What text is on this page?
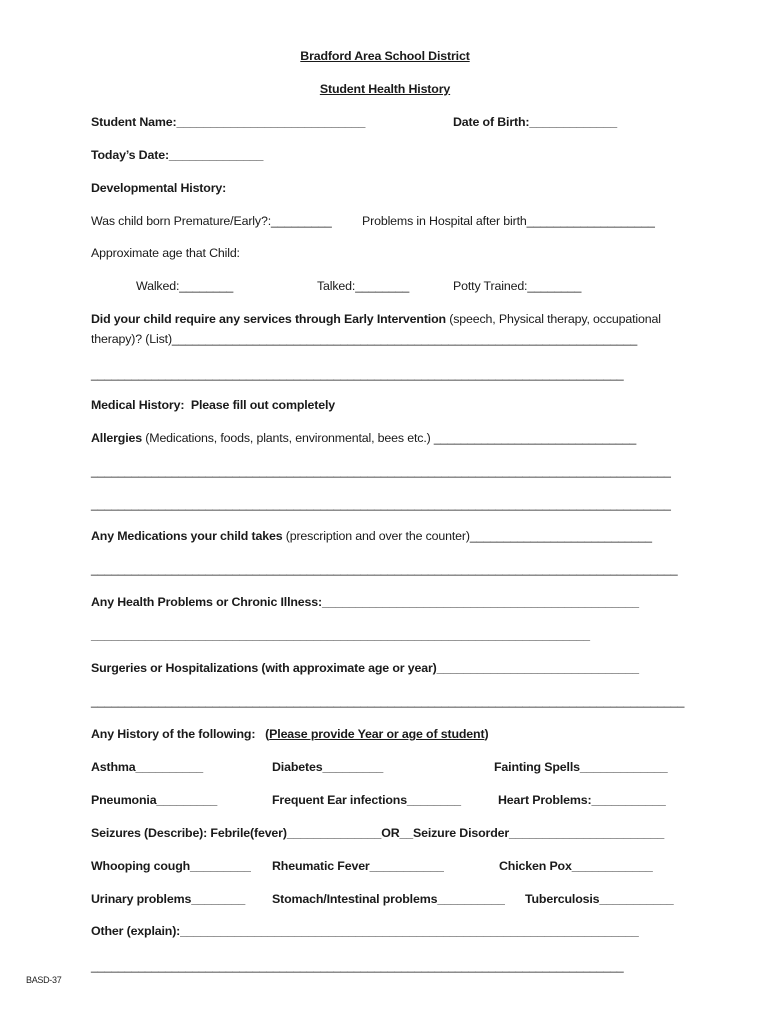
Bradford Area School District
Student Health History
Student Name:____________________________	Date of Birth:_____________
Today’s Date:______________
Developmental History:
Was child born Premature/Early?:_________ Problems in Hospital after birth___________________
Approximate age that Child:
Walked:________	Talked:________	Potty Trained:________
Did your child require any services through Early Intervention (speech, Physical therapy, occupational
therapy)? (List)_____________________________________________________________________
_______________________________________________________________________________
Medical History:  Please fill out completely
Allergies (Medications, foods, plants, environmental, bees etc.) ______________________________
______________________________________________________________________________________
______________________________________________________________________________________
Any Medications your child takes (prescription and over the counter)___________________________
_______________________________________________________________________________________
Any Health Problems or Chronic Illness:_______________________________________________
__________________________________________________________________________
Surgeries or Hospitalizations (with approximate age or year)______________________________
________________________________________________________________________________________
Any History of the following:   (Please provide Year or age of student)
Asthma__________	Diabetes_________	Fainting Spells_____________
Pneumonia_________	Frequent Ear infections________	Heart Problems:___________
Seizures (Describe): Febrile(fever)______________OR__Seizure Disorder_______________________
Whooping cough_________ Rheumatic Fever___________	Chicken Pox____________
Urinary problems________ Stomach/Intestinal problems__________ Tuberculosis___________
Other (explain):____________________________________________________________________
_______________________________________________________________________________
BASD-37
